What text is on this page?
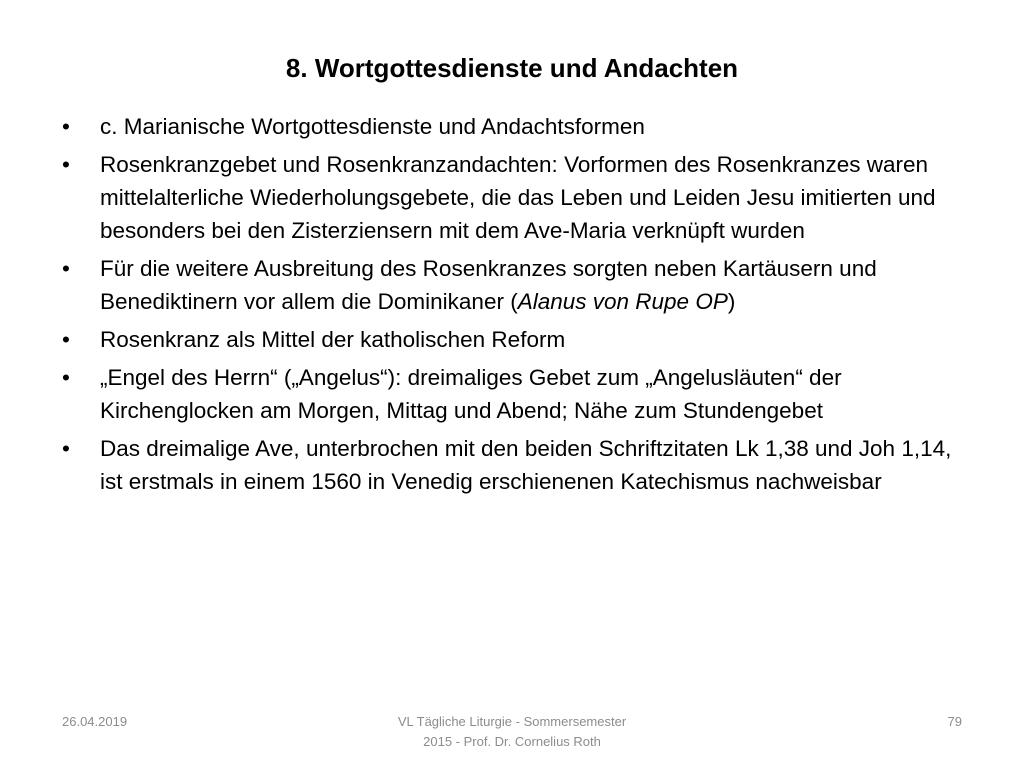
8. Wortgottesdienste und Andachten
•	c. Marianische Wortgottesdienste und Andachtsformen
•	Rosenkranzgebet und Rosenkranzandachten: Vorformen des Rosenkranzes waren mittelalterliche Wiederholungsgebete, die das Leben und Leiden Jesu imitierten und besonders bei den Zisterziensern mit dem Ave-Maria verknüpft wurden
•	Für die weitere Ausbreitung des Rosenkranzes sorgten neben Kartäusern und Benediktinern vor allem die Dominikaner (Alanus von Rupe OP)
•	Rosenkranz als Mittel der katholischen Reform
•	„Engel des Herrn“ („Angelus“): dreimaliges Gebet zum „Angelusläuten“ der Kirchenglocken am Morgen, Mittag und Abend; Nähe zum Stundengebet
•	Das dreimalige Ave, unterbrochen mit den beiden Schriftzitaten Lk 1,38 und Joh 1,14, ist erstmals in einem 1560 in Venedig erschienenen Katechismus nachweisbar
26.04.2019	VL Tägliche Liturgie - Sommersemester
2015 - Prof. Dr. Cornelius Roth
79
